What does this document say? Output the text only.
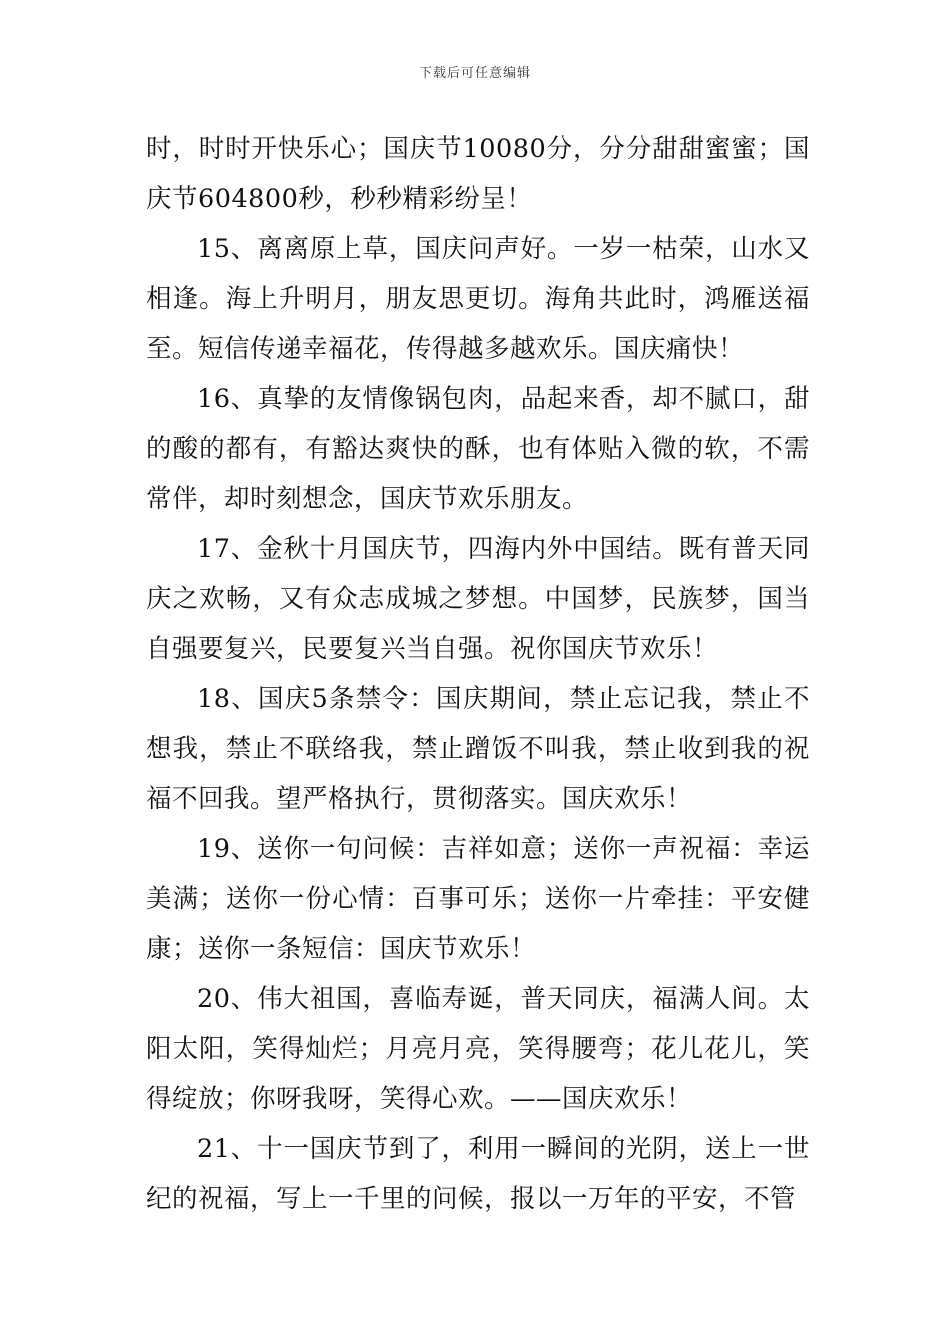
下载后可任意编辑

时，时时开快乐心；国庆节10080分，分分甜甜蜜蜜；国庆节604800秒，秒秒精彩纷呈！

15、离离原上草，国庆问声好。一岁一枯荣，山水又相逢。海上升明月，朋友思更切。海角共此时，鸿雁送福至。短信传递幸福花，传得越多越欢乐。国庆痛快！

16、真挚的友情像锅包肉，品起来香，却不腻口，甜的酸的都有，有豁达爽快的酥，也有体贴入微的软，不需常伴，却时刻想念，国庆节欢乐朋友。

17、金秋十月国庆节，四海内外中国结。既有普天同庆之欢畅，又有众志成城之梦想。中国梦，民族梦，国当自强要复兴，民要复兴当自强。祝你国庆节欢乐！

18、国庆5条禁令：国庆期间，禁止忘记我，禁止不想我，禁止不联络我，禁止蹭饭不叫我，禁止收到我的祝福不回我。望严格执行，贯彻落实。国庆欢乐！

19、送你一句问候：吉祥如意；送你一声祝福：幸运美满；送你一份心情：百事可乐；送你一片牵挂：平安健康；送你一条短信：国庆节欢乐！

20、伟大祖国，喜临寿诞，普天同庆，福满人间。太阳太阳，笑得灿烂；月亮月亮，笑得腰弯；花儿花儿，笑得绽放；你呀我呀，笑得心欢。——国庆欢乐！

21、十一国庆节到了，利用一瞬间的光阴，送上一世纪的祝福，写上一千里的问候，报以一万年的平安，不管
